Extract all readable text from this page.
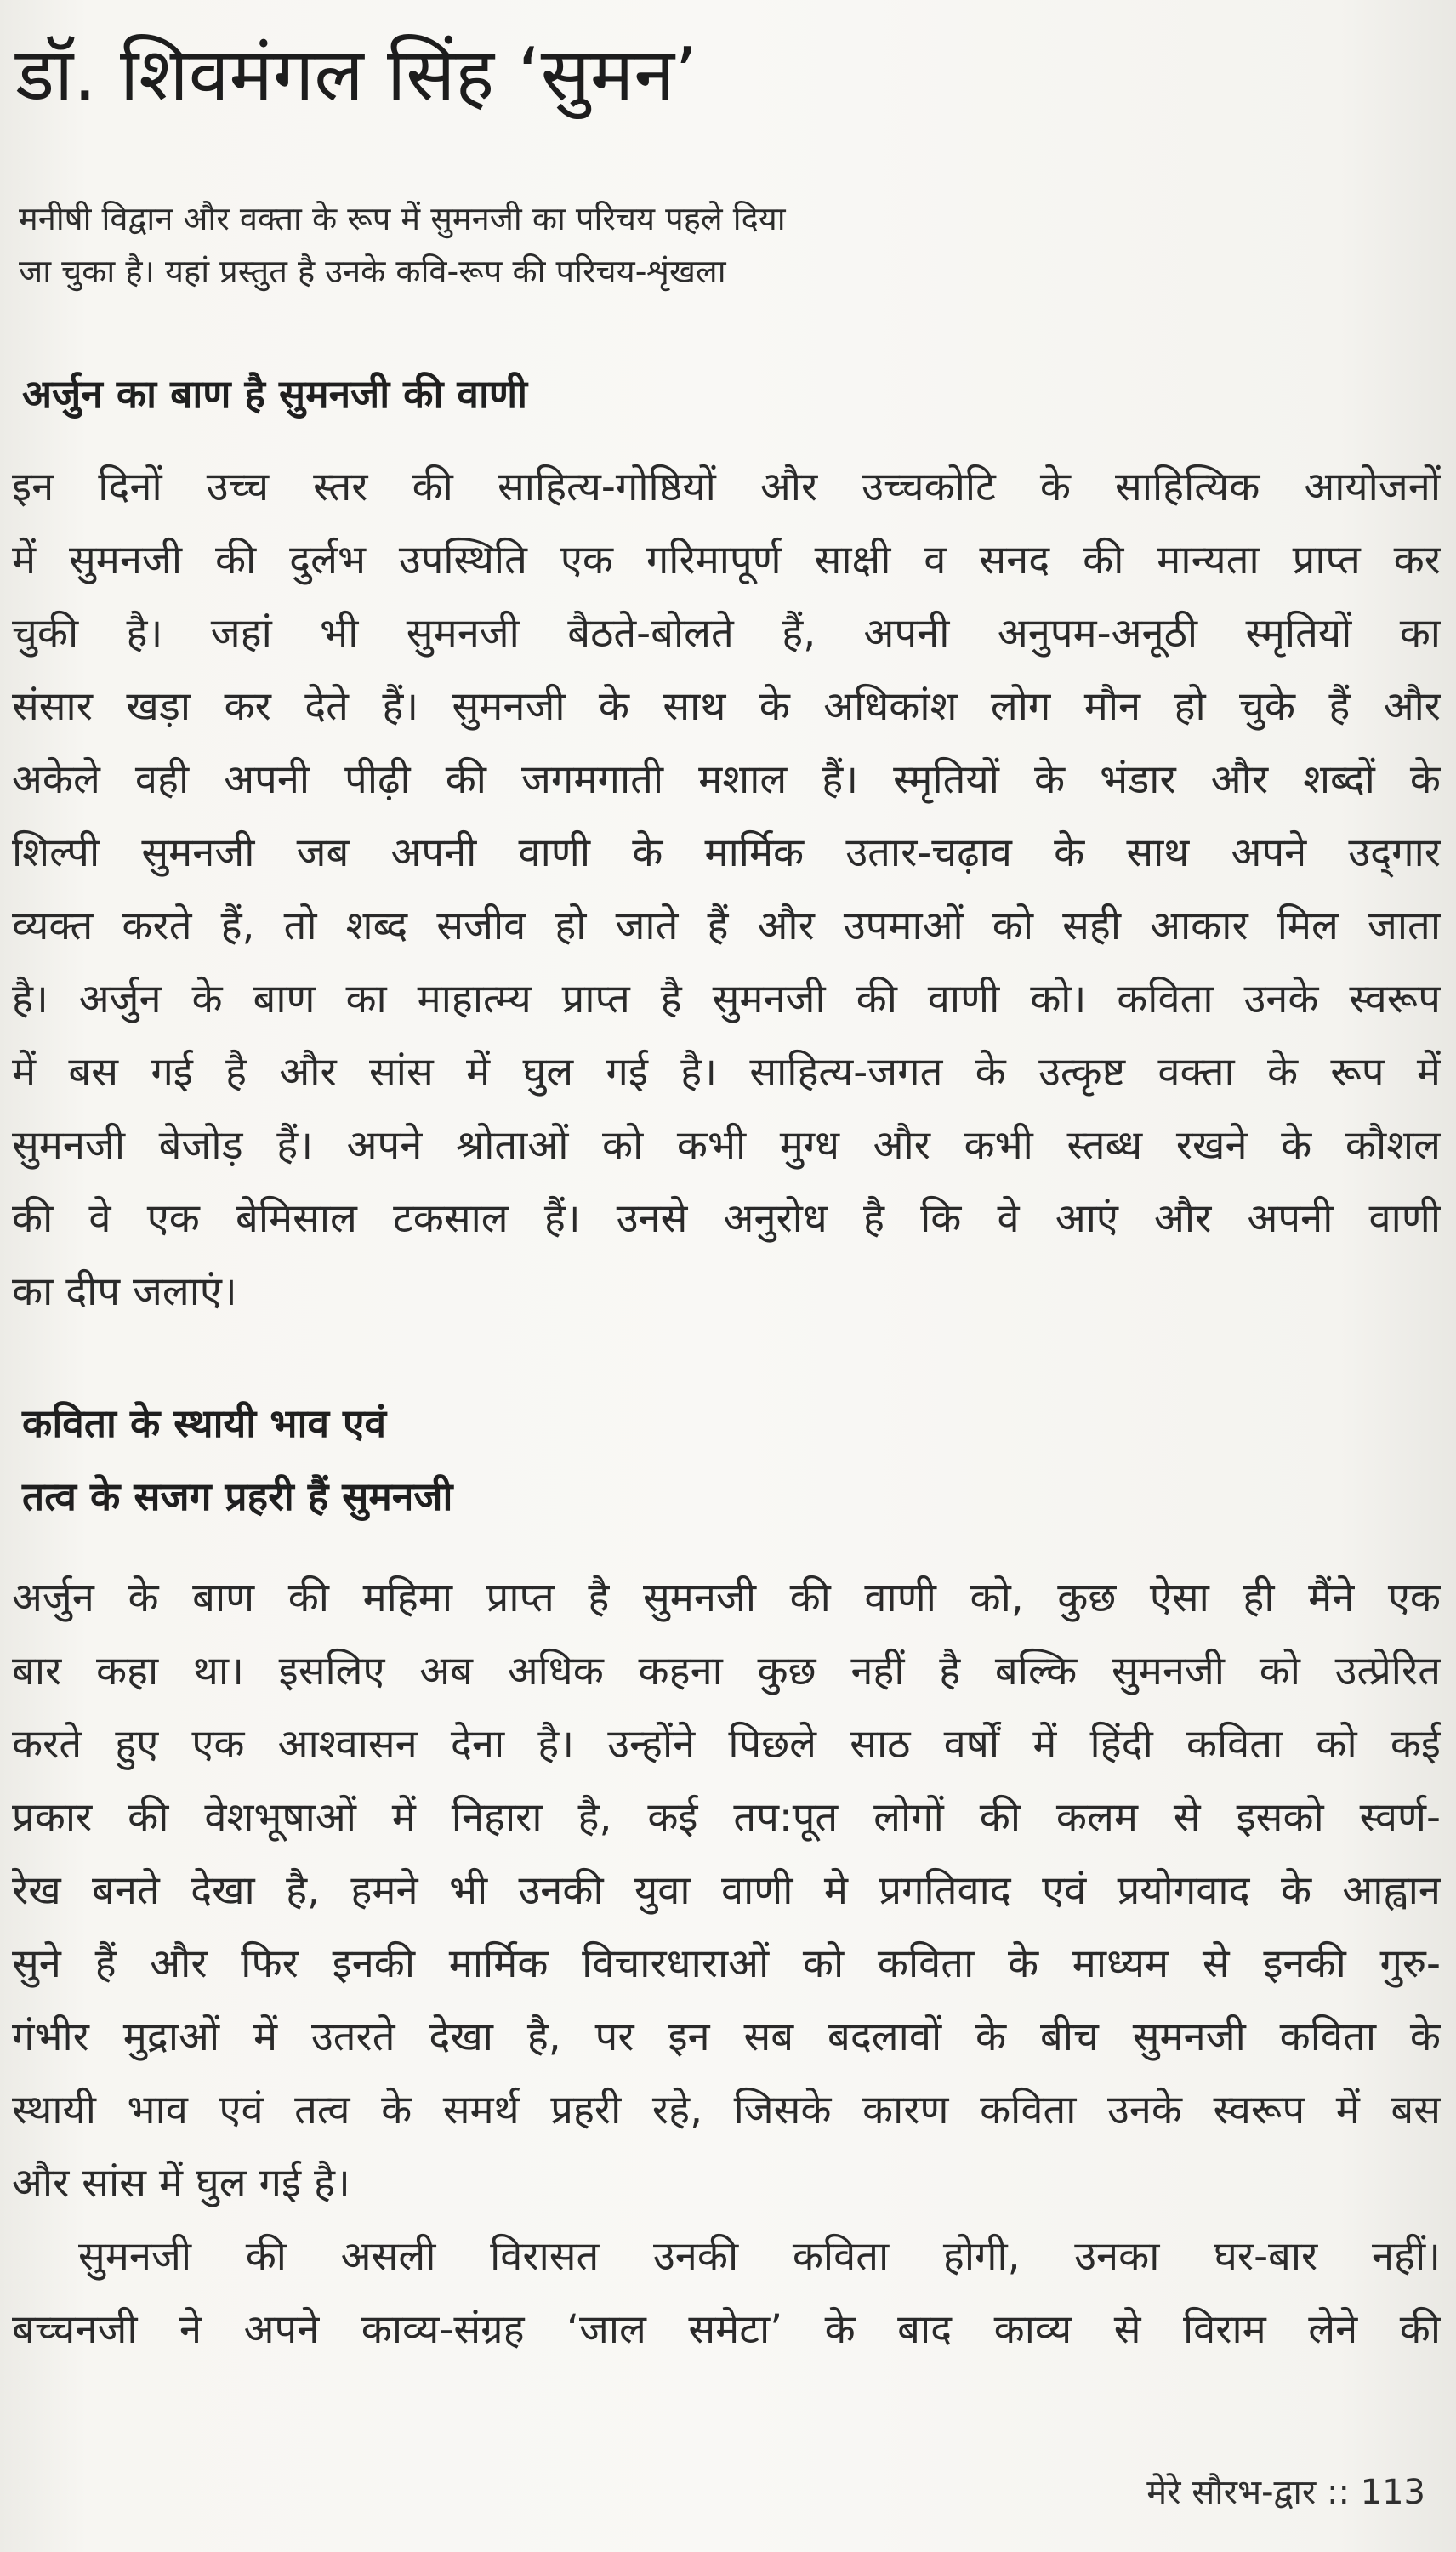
डॉ. शिवमंगल सिंह ‘सुमन’
मनीषी विद्वान और वक्ता के रूप में सुमनजी का परिचय पहले दिया
जा चुका है। यहां प्रस्तुत है उनके कवि-रूप की परिचय-शृंखला
अर्जुन का बाण है सुमनजी की वाणी
इन दिनों उच्च स्तर की साहित्य-गोष्ठियों और उच्चकोटि के साहित्यिक आयोजनों
में सुमनजी की दुर्लभ उपस्थिति एक गरिमापूर्ण साक्षी व सनद की मान्यता प्राप्त कर
चुकी है। जहां भी सुमनजी बैठते-बोलते हैं, अपनी अनुपम-अनूठी स्मृतियों का
संसार खड़ा कर देते हैं। सुमनजी के साथ के अधिकांश लोग मौन हो चुके हैं और
अकेले वही अपनी पीढ़ी की जगमगाती मशाल हैं। स्मृतियों के भंडार और शब्दों के
शिल्पी सुमनजी जब अपनी वाणी के मार्मिक उतार-चढ़ाव के साथ अपने उद्‌गार
व्यक्त करते हैं, तो शब्द सजीव हो जाते हैं और उपमाओं को सही आकार मिल जाता
है। अर्जुन के बाण का माहात्म्य प्राप्त है सुमनजी की वाणी को। कविता उनके स्वरूप
में बस गई है और सांस में घुल गई है। साहित्य-जगत के उत्कृष्ट वक्ता के रूप में
सुमनजी बेजोड़ हैं। अपने श्रोताओं को कभी मुग्ध और कभी स्तब्ध रखने के कौशल
की वे एक बेमिसाल टकसाल हैं। उनसे अनुरोध है कि वे आएं और अपनी वाणी
का दीप जलाएं।
कविता के स्थायी भाव एवं
तत्व के सजग प्रहरी हैं सुमनजी
अर्जुन के बाण की महिमा प्राप्त है सुमनजी की वाणी को, कुछ ऐसा ही मैंने एक
बार कहा था। इसलिए अब अधिक कहना कुछ नहीं है बल्कि सुमनजी को उत्प्रेरित
करते हुए एक आश्वासन देना है। उन्होंने पिछले साठ वर्षों में हिंदी कविता को कई
प्रकार की वेशभूषाओं में निहारा है, कई तप:पूत लोगों की कलम से इसको स्वर्ण-
रेख बनते देखा है, हमने भी उनकी युवा वाणी मे प्रगतिवाद एवं प्रयोगवाद के आह्वान
सुने हैं और फिर इनकी मार्मिक विचारधाराओं को कविता के माध्यम से इनकी गुरु-
गंभीर मुद्राओं में उतरते देखा है, पर इन सब बदलावों के बीच सुमनजी कविता के
स्थायी भाव एवं तत्व के समर्थ प्रहरी रहे, जिसके कारण कविता उनके स्वरूप में बस
और सांस में घुल गई है।
सुमनजी की असली विरासत उनकी कविता होगी, उनका घर-बार नहीं।
बच्चनजी ने अपने काव्य-संग्रह ‘जाल समेटा’ के बाद काव्य से विराम लेने की
मेरे सौरभ-द्वार :: 113
